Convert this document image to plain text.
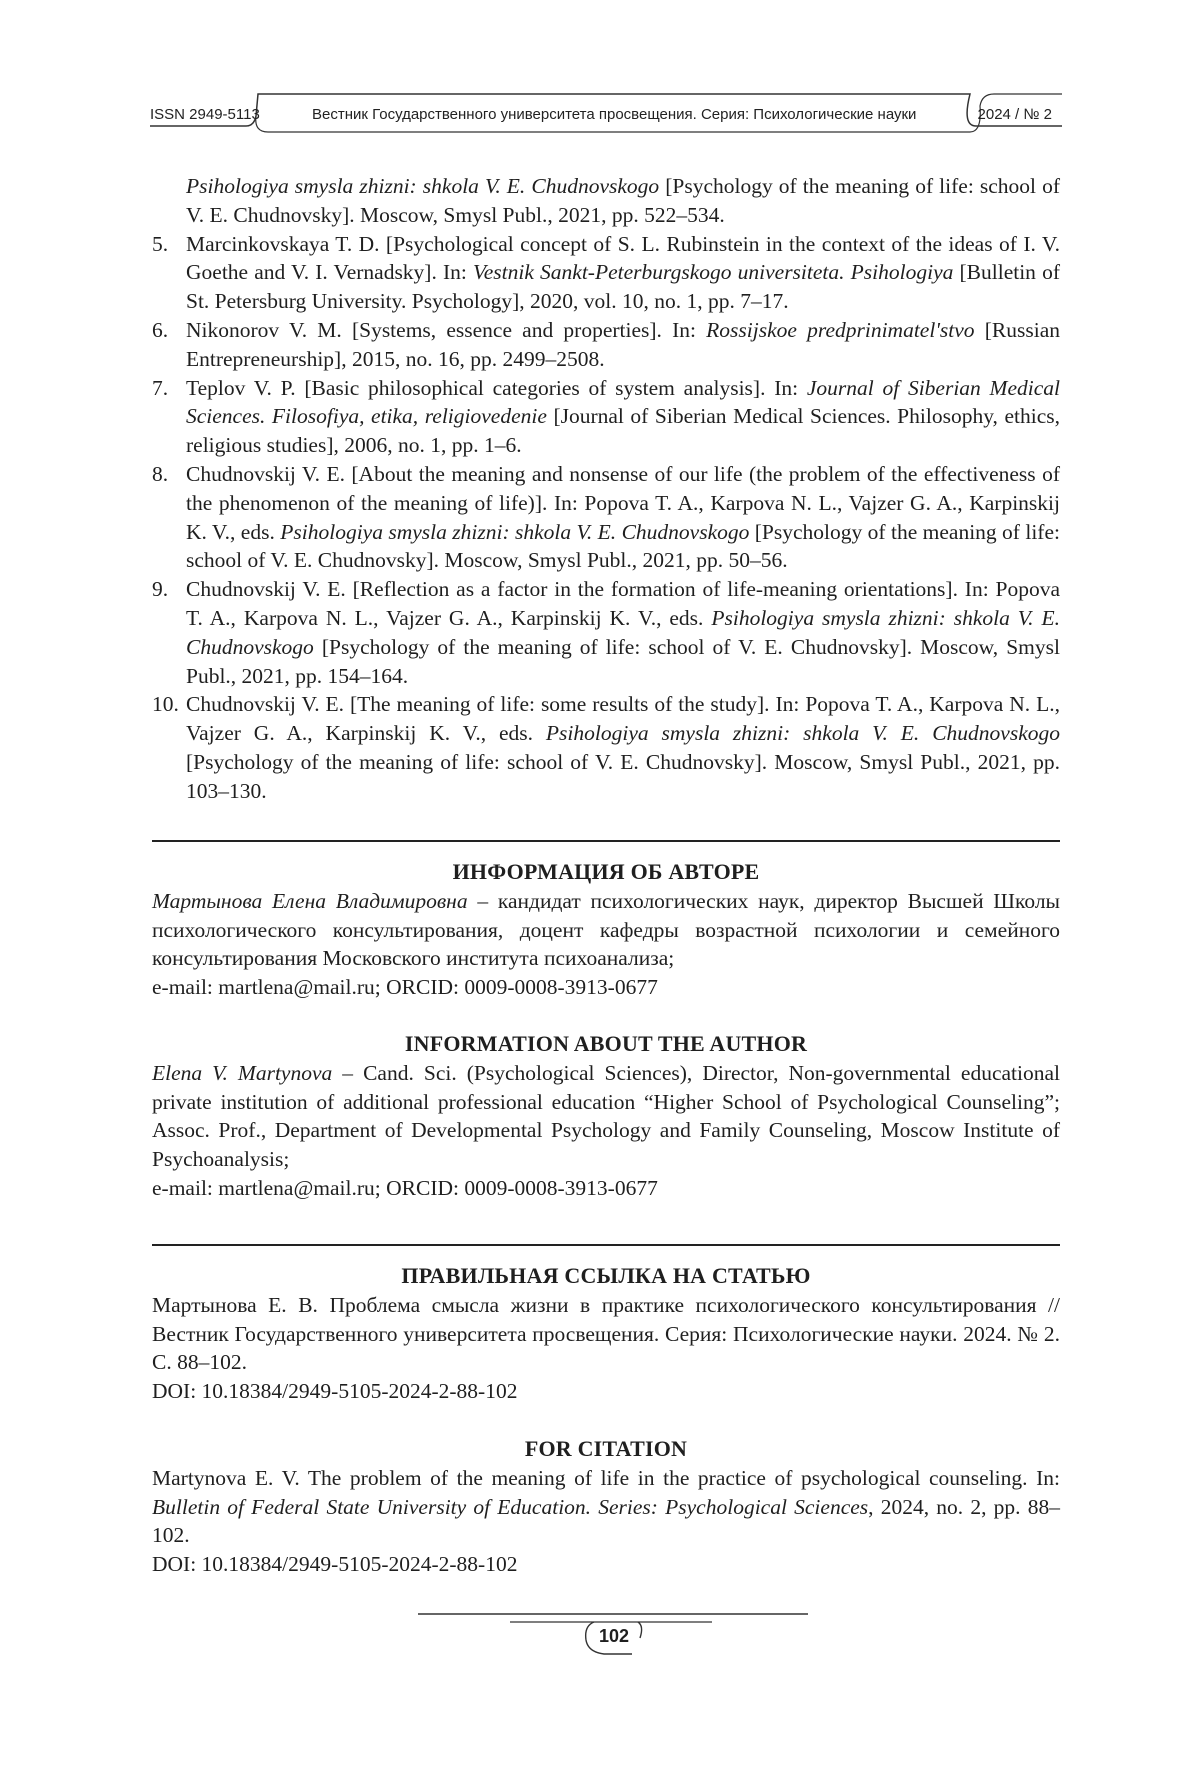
ISSN 2949-5113	Вестник Государственного университета просвещения. Серия: Психологические науки	2024 / № 2
Psihologiya smysla zhizni: shkola V. E. Chudnovskogo [Psychology of the meaning of life: school of V. E. Chudnovsky]. Moscow, Smysl Publ., 2021, pp. 522–534.
5. Marcinkovskaya T. D. [Psychological concept of S. L. Rubinstein in the context of the ideas of I. V. Goethe and V. I. Vernadsky]. In: Vestnik Sankt-Peterburgskogo universiteta. Psihologiya [Bulletin of St. Petersburg University. Psychology], 2020, vol. 10, no. 1, pp. 7–17.
6. Nikonorov V. M. [Systems, essence and properties]. In: Rossijskoe predprinimatel'stvo [Russian Entrepreneurship], 2015, no. 16, pp. 2499–2508.
7. Teplov V. P. [Basic philosophical categories of system analysis]. In: Journal of Siberian Medical Sciences. Filosofiya, etika, religiovedenie [Journal of Siberian Medical Sciences. Philosophy, ethics, religious studies], 2006, no. 1, pp. 1–6.
8. Chudnovskij V. E. [About the meaning and nonsense of our life (the problem of the effectiveness of the phenomenon of the meaning of life)]. In: Popova T. A., Karpova N. L., Vajzer G. A., Karpinskij K. V., eds. Psihologiya smysla zhizni: shkola V. E. Chudnovskogo [Psychology of the meaning of life: school of V. E. Chudnovsky]. Moscow, Smysl Publ., 2021, pp. 50–56.
9. Chudnovskij V. E. [Reflection as a factor in the formation of life-meaning orientations]. In: Popova T. A., Karpova N. L., Vajzer G. A., Karpinskij K. V., eds. Psihologiya smysla zhizni: shkola V. E. Chudnovskogo [Psychology of the meaning of life: school of V. E. Chudnovsky]. Moscow, Smysl Publ., 2021, pp. 154–164.
10. Chudnovskij V. E. [The meaning of life: some results of the study]. In: Popova T. A., Karpova N. L., Vajzer G. A., Karpinskij K. V., eds. Psihologiya smysla zhizni: shkola V. E. Chudnovskogo [Psychology of the meaning of life: school of V. E. Chudnovsky]. Moscow, Smysl Publ., 2021, pp. 103–130.

ИНФОРМАЦИЯ ОБ АВТОРЕ

Мартынова Елена Владимировна – кандидат психологических наук, директор Высшей Школы психологического консультирования, доцент кафедры возрастной психологии и семейного консультирования Московского института психоанализа;

e-mail: martlena@mail.ru; ORCID: 0009-0008-3913-0677

INFORMATION ABOUT THE AUTHOR

Elena V. Martynova – Cand. Sci. (Psychological Sciences), Director, Non-governmental educational private institution of additional professional education “Higher School of Psychological Counseling”; Assoc. Prof., Department of Developmental Psychology and Family Counseling, Moscow Institute of Psychoanalysis;

e-mail: martlena@mail.ru; ORCID: 0009-0008-3913-0677

ПРАВИЛЬНАЯ ССЫЛКА НА СТАТЬЮ

Мартынова Е. В. Проблема смысла жизни в практике психологического консультирования // Вестник Государственного университета просвещения. Серия: Психологические науки. 2024. № 2. С. 88–102.

DOI: 10.18384/2949-5105-2024-2-88-102

FOR CITATION

Martynova E. V. The problem of the meaning of life in the practice of psychological counseling. In: Bulletin of Federal State University of Education. Series: Psychological Sciences, 2024, no. 2, pp. 88–102.

DOI: 10.18384/2949-5105-2024-2-88-102

102
